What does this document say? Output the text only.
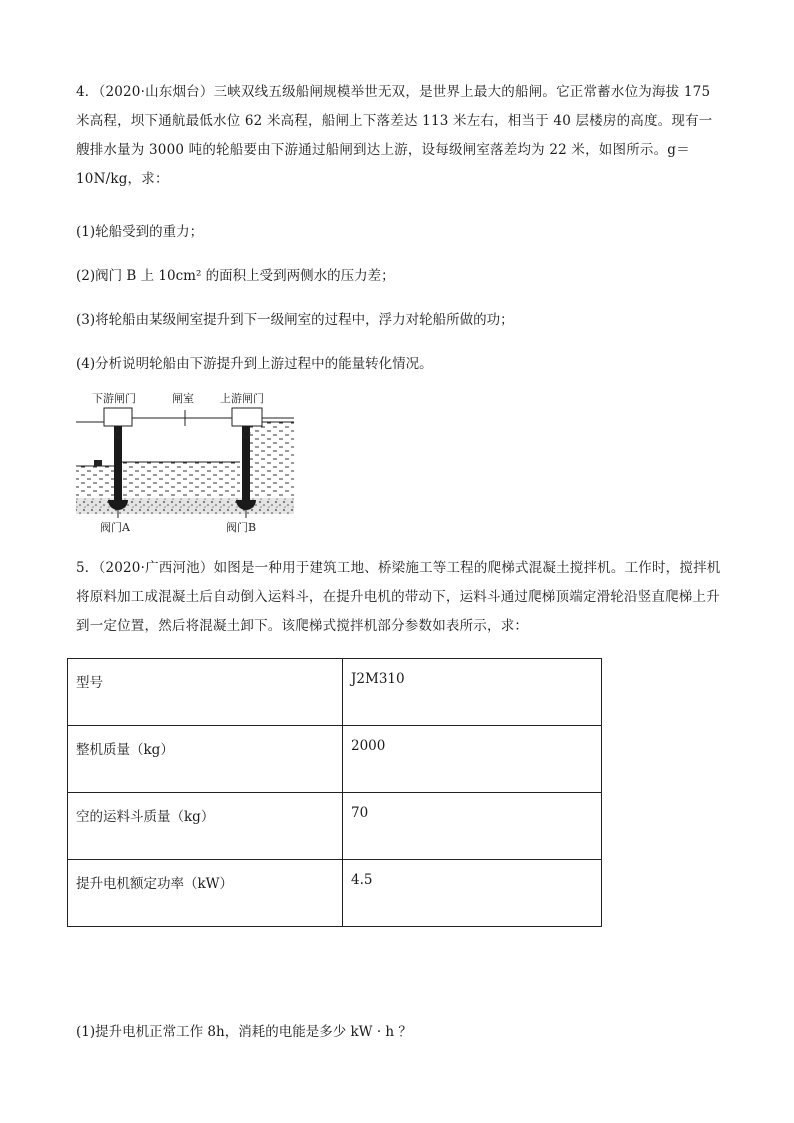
4．（2020·山东烟台）三峡双线五级船闸规模举世无双，是世界上最大的船闸。它正常蓄水位为海拔 175 米高程，坝下通航最低水位 62 米高程，船闸上下落差达 113 米左右，相当于 40 层楼房的高度。现有一艘排水量为 3000 吨的轮船要由下游通过船闸到达上游，设每级闸室落差均为 22 米，如图所示。g＝10N/kg，求：
(1)轮船受到的重力；
(2)阀门 B 上 10cm² 的面积上受到两侧水的压力差；
(3)将轮船由某级闸室提升到下一级闸室的过程中，浮力对轮船所做的功；
(4)分析说明轮船由下游提升到上游过程中的能量转化情况。
下游闸门	闸室 上游闸门
C	D
阀门A	阀门B
5．（2020·广西河池）如图是一种用于建筑工地、桥梁施工等工程的爬梯式混凝土搅拌机。工作时，搅拌机将原料加工成混凝土后自动倒入运料斗，在提升电机的带动下，运料斗通过爬梯顶端定滑轮沿竖直爬梯上升到一定位置，然后将混凝土卸下。该爬梯式搅拌机部分参数如表所示，求：
型号	J2M310
整机质量（kg）	2000
空的运料斗质量（kg）	70
提升电机额定功率（kW）	4.5
(1)提升电机正常工作 8h，消耗的电能是多少 kW · h ？
